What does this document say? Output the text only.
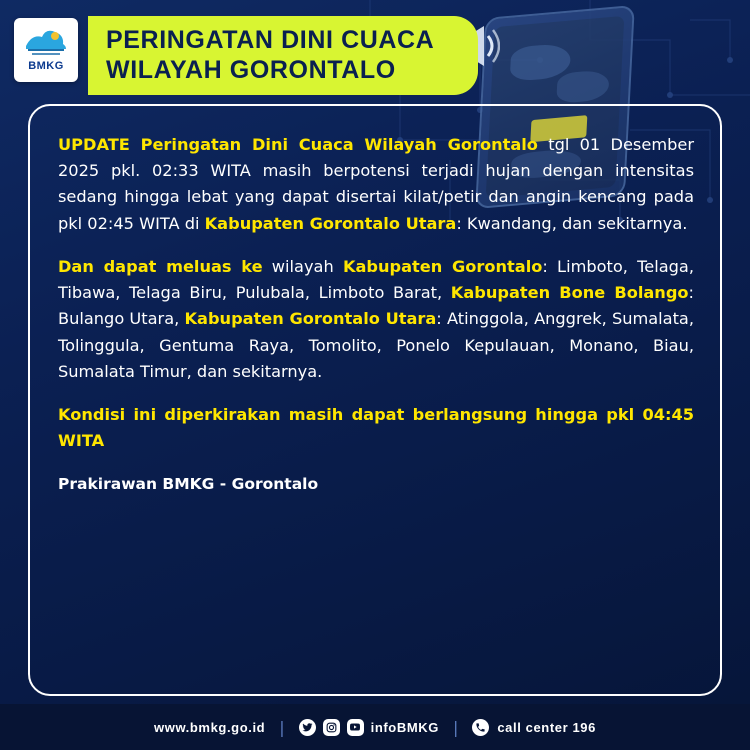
BMKG
PERINGATAN DINI CUACA
WILAYAH GORONTALO

UPDATE Peringatan Dini Cuaca Wilayah Gorontalo tgl 01 Desember 2025 pkl. 02:33 WITA masih berpotensi terjadi hujan dengan intensitas sedang hingga lebat yang dapat disertai kilat/petir dan angin kencang pada pkl 02:45 WITA di Kabupaten Gorontalo Utara: Kwandang, dan sekitarnya.

Dan dapat meluas ke wilayah Kabupaten Gorontalo: Limboto, Telaga, Tibawa, Telaga Biru, Pulubala, Limboto Barat, Kabupaten Bone Bolango: Bulango Utara, Kabupaten Gorontalo Utara: Atinggola, Anggrek, Sumalata, Tolinggula, Gentuma Raya, Tomolito, Ponelo Kepulauan, Monano, Biau, Sumalata Timur, dan sekitarnya.

Kondisi ini diperkirakan masih dapat berlangsung hingga pkl 04:45 WITA

Prakirawan BMKG - Gorontalo

www.bmkg.go.id |	infoBMKG |	call center 196
